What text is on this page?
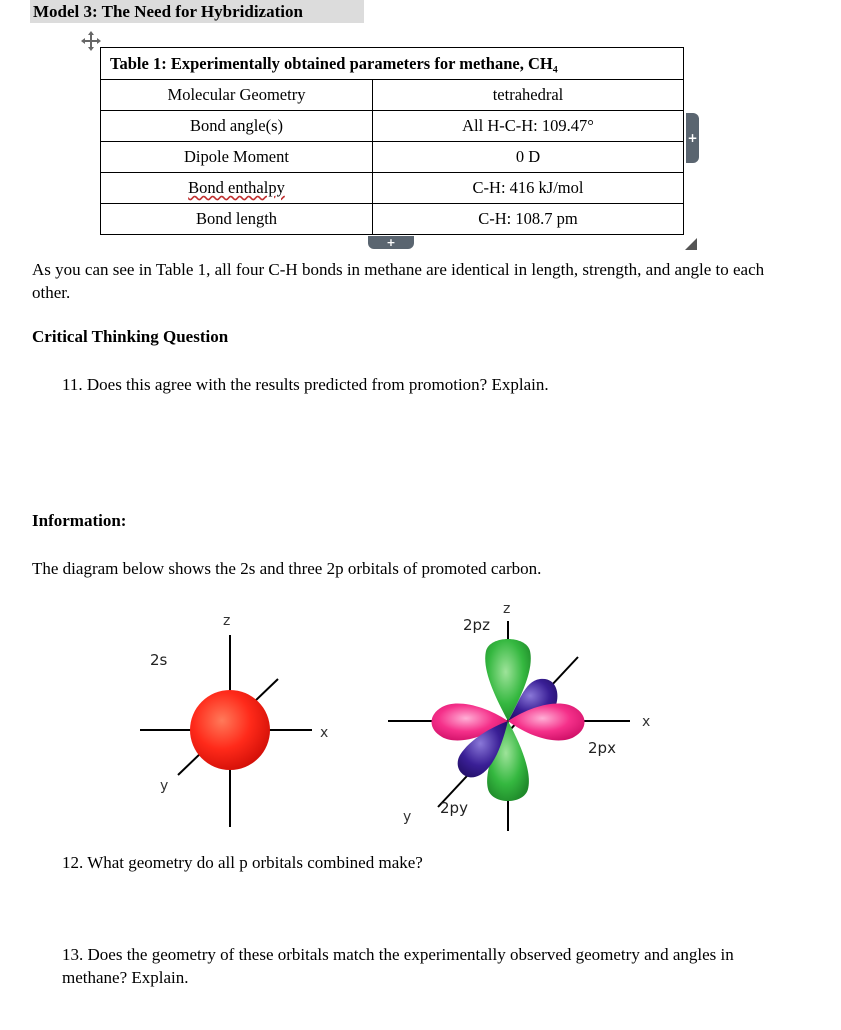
Model 3: The Need for Hybridization
Table 1: Experimentally obtained parameters for methane, CH₄	
Molecular Geometry	tetrahedral
Bond angle(s)	All H-C-H: 109.47°
Dipole Moment	0 D
Bond enthalpy	C-H: 416 kJ/mol
Bond length	C-H: 108.7 pm
+
+
As you can see in Table 1, all four C-H bonds in methane are identical in length, strength, and angle to each other.
Critical Thinking Question
11. Does this agree with the results predicted from promotion? Explain.
Information:
The diagram below shows the 2s and three 2p orbitals of promoted carbon.
z
x
y
2s
z
x
y
2pz
2px
2py
12. What geometry do all p orbitals combined make?
13. Does the geometry of these orbitals match the experimentally observed geometry and angles in methane? Explain.
